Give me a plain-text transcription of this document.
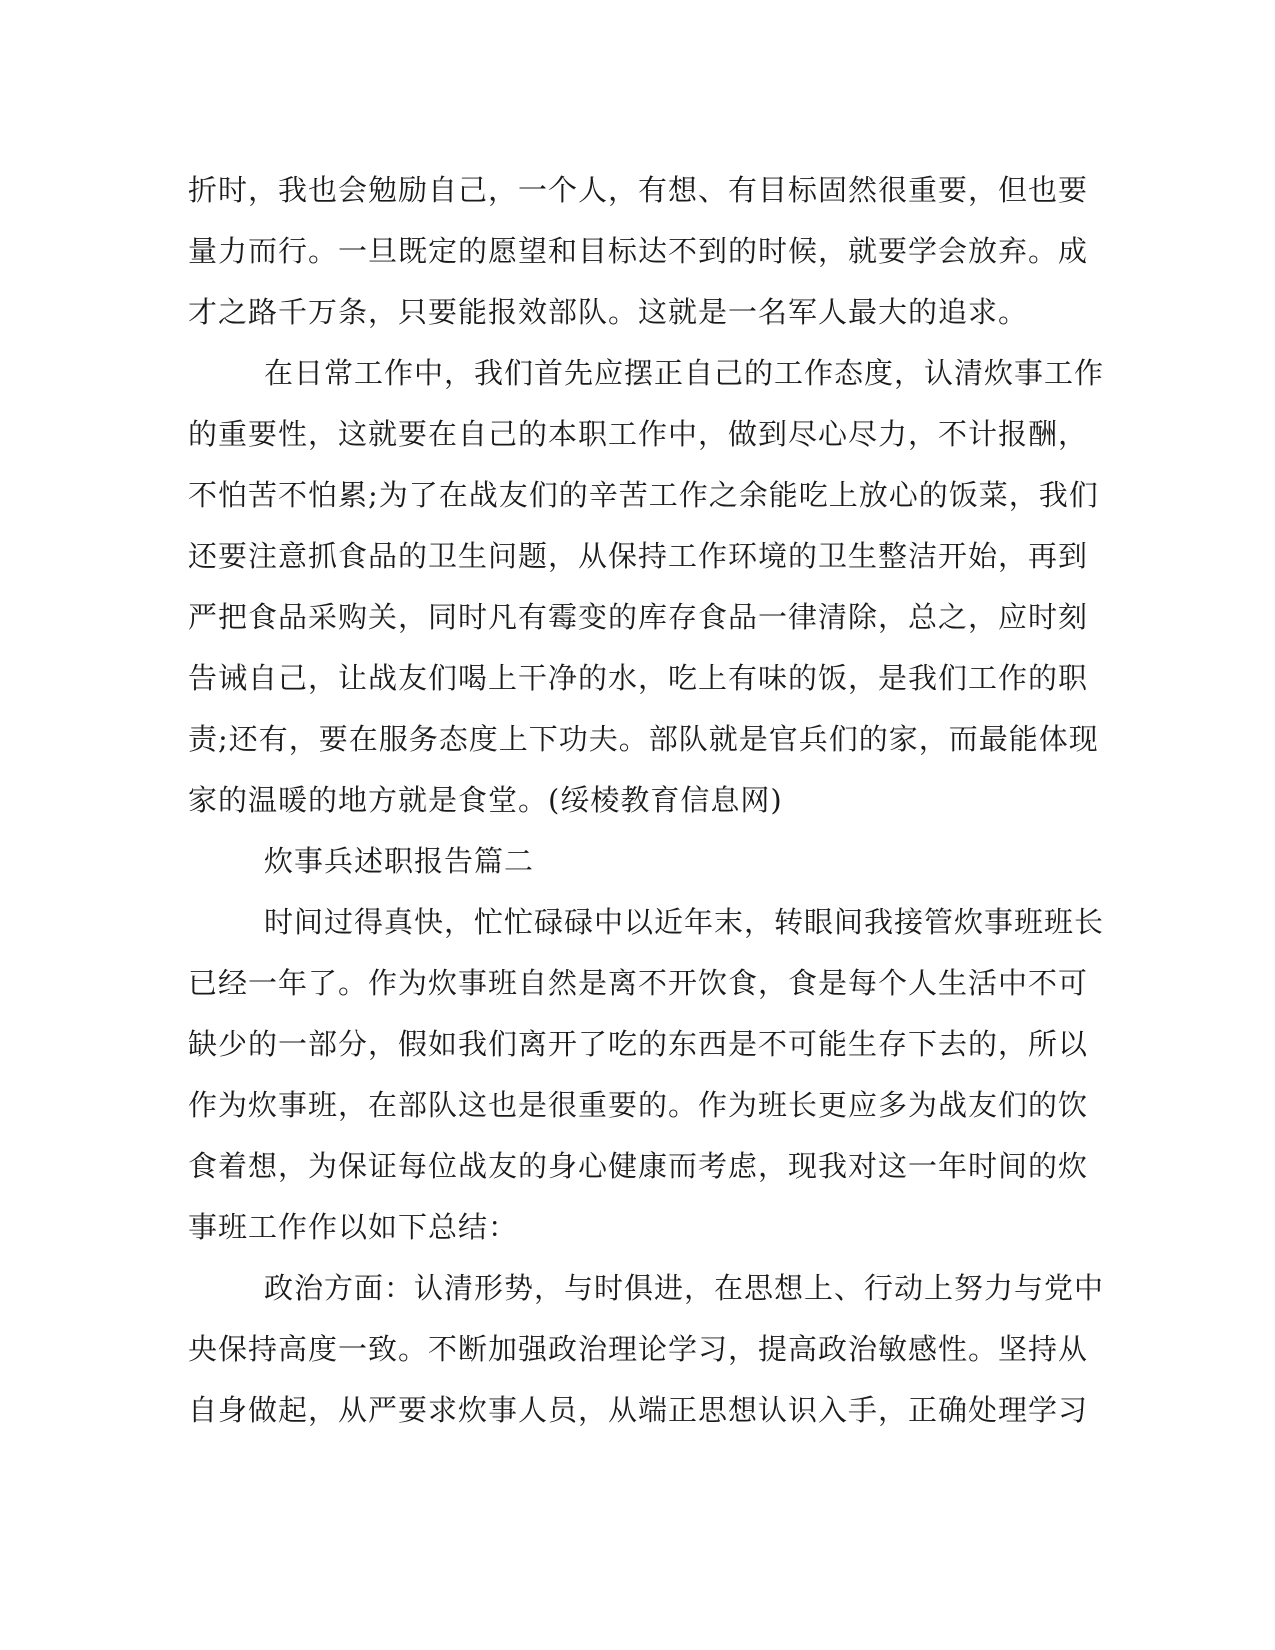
折时，我也会勉励自己，一个人，有想、有目标固然很重要，但也要
量力而行。一旦既定的愿望和目标达不到的时候，就要学会放弃。成
才之路千万条，只要能报效部队。这就是一名军人最大的追求。
在日常工作中，我们首先应摆正自己的工作态度，认清炊事工作
的重要性，这就要在自己的本职工作中，做到尽心尽力，不计报酬，
不怕苦不怕累;为了在战友们的辛苦工作之余能吃上放心的饭菜，我们
还要注意抓食品的卫生问题，从保持工作环境的卫生整洁开始，再到
严把食品采购关，同时凡有霉变的库存食品一律清除，总之，应时刻
告诫自己，让战友们喝上干净的水，吃上有味的饭，是我们工作的职
责;还有，要在服务态度上下功夫。部队就是官兵们的家，而最能体现
家的温暖的地方就是食堂。(绥棱教育信息网)
炊事兵述职报告篇二
时间过得真快，忙忙碌碌中以近年末，转眼间我接管炊事班班长
已经一年了。作为炊事班自然是离不开饮食，食是每个人生活中不可
缺少的一部分，假如我们离开了吃的东西是不可能生存下去的，所以
作为炊事班，在部队这也是很重要的。作为班长更应多为战友们的饮
食着想，为保证每位战友的身心健康而考虑，现我对这一年时间的炊
事班工作作以如下总结：
政治方面：认清形势，与时俱进，在思想上、行动上努力与党中
央保持高度一致。不断加强政治理论学习，提高政治敏感性。坚持从
自身做起，从严要求炊事人员，从端正思想认识入手，正确处理学习
